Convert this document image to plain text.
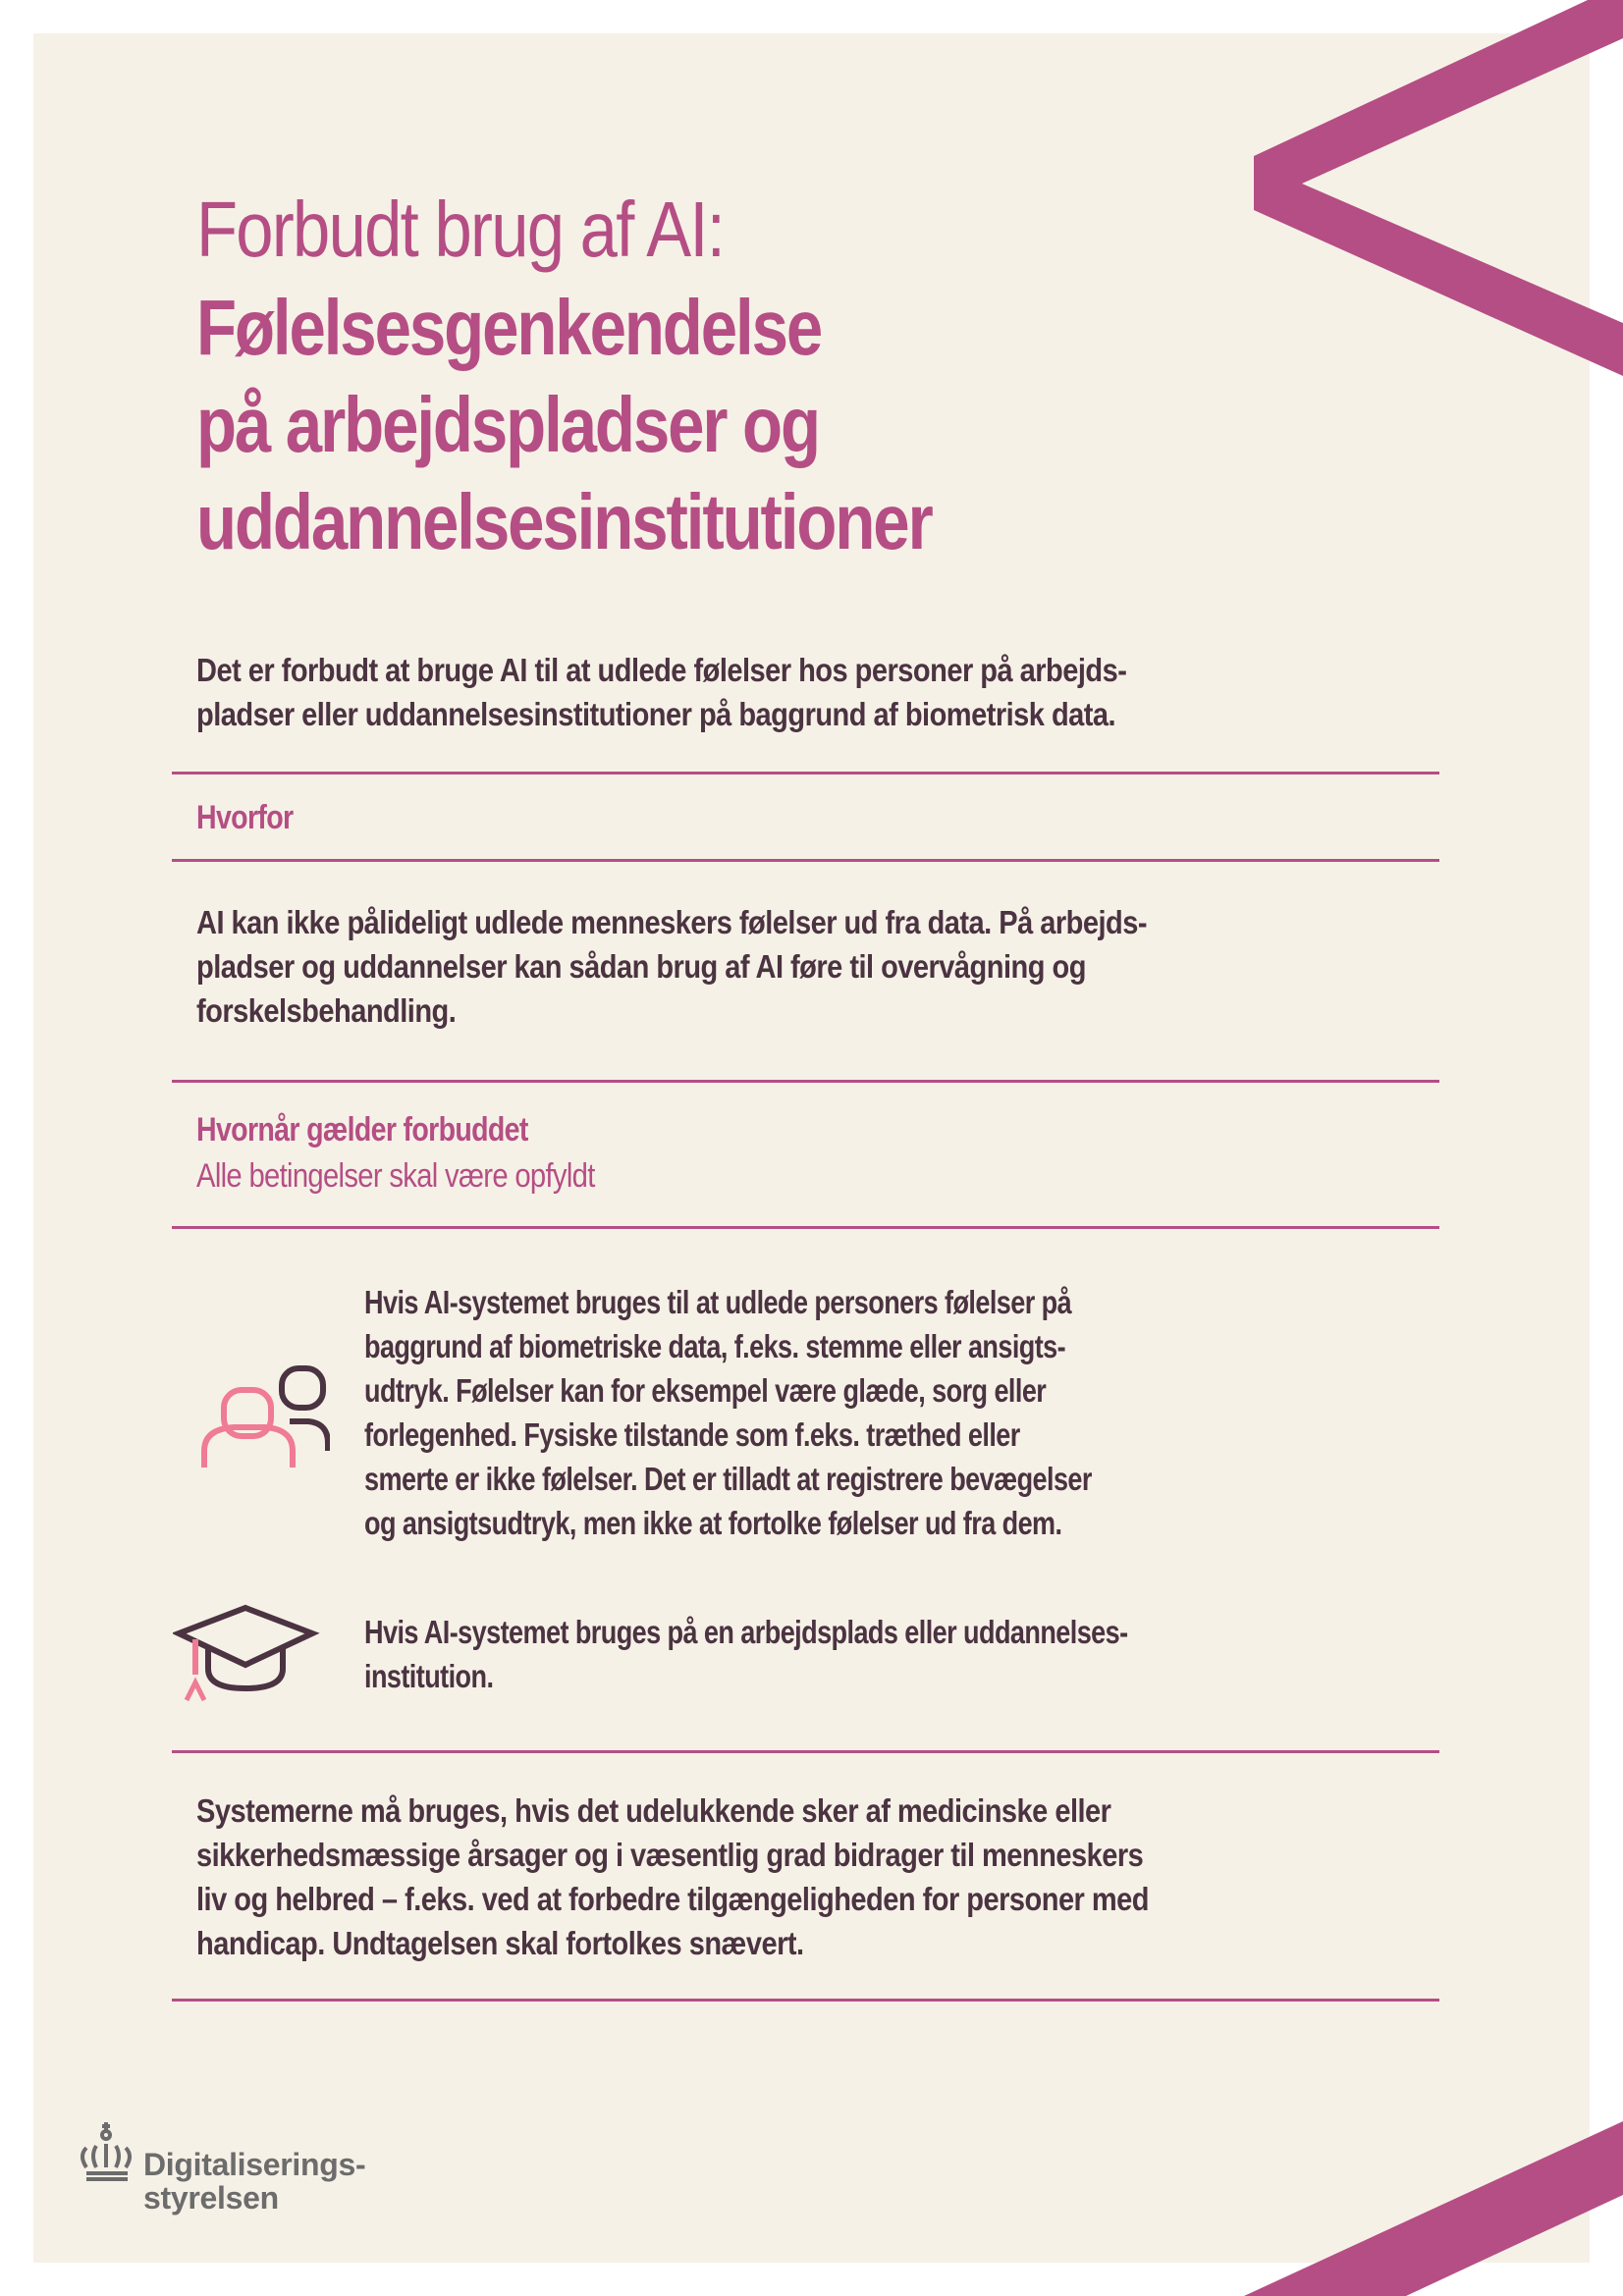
Forbudt brug af AI:
Følelsesgenkendelse
på arbejdspladser og
uddannelsesinstitutioner
Det er forbudt at bruge AI til at udlede følelser hos personer på arbejds-
pladser eller uddannelsesinstitutioner på baggrund af biometrisk data.
Hvorfor
AI kan ikke pålideligt udlede menneskers følelser ud fra data. På arbejds-
pladser og uddannelser kan sådan brug af AI føre til overvågning og
forskelsbehandling.
Hvornår gælder forbuddet
Alle betingelser skal være opfyldt
Hvis AI-systemet bruges til at udlede personers følelser på
baggrund af biometriske data, f.eks. stemme eller ansigts-
udtryk. Følelser kan for eksempel være glæde, sorg eller
forlegenhed. Fysiske tilstande som f.eks. træthed eller
smerte er ikke følelser. Det er tilladt at registrere bevægelser
og ansigtsudtryk, men ikke at fortolke følelser ud fra dem.
Hvis AI-systemet bruges på en arbejdsplads eller uddannelses-
institution.
Systemerne må bruges, hvis det udelukkende sker af medicinske eller
sikkerhedsmæssige årsager og i væsentlig grad bidrager til menneskers
liv og helbred – f.eks. ved at forbedre tilgængeligheden for personer med
handicap. Undtagelsen skal fortolkes snævert.
Digitaliserings-
styrelsen
